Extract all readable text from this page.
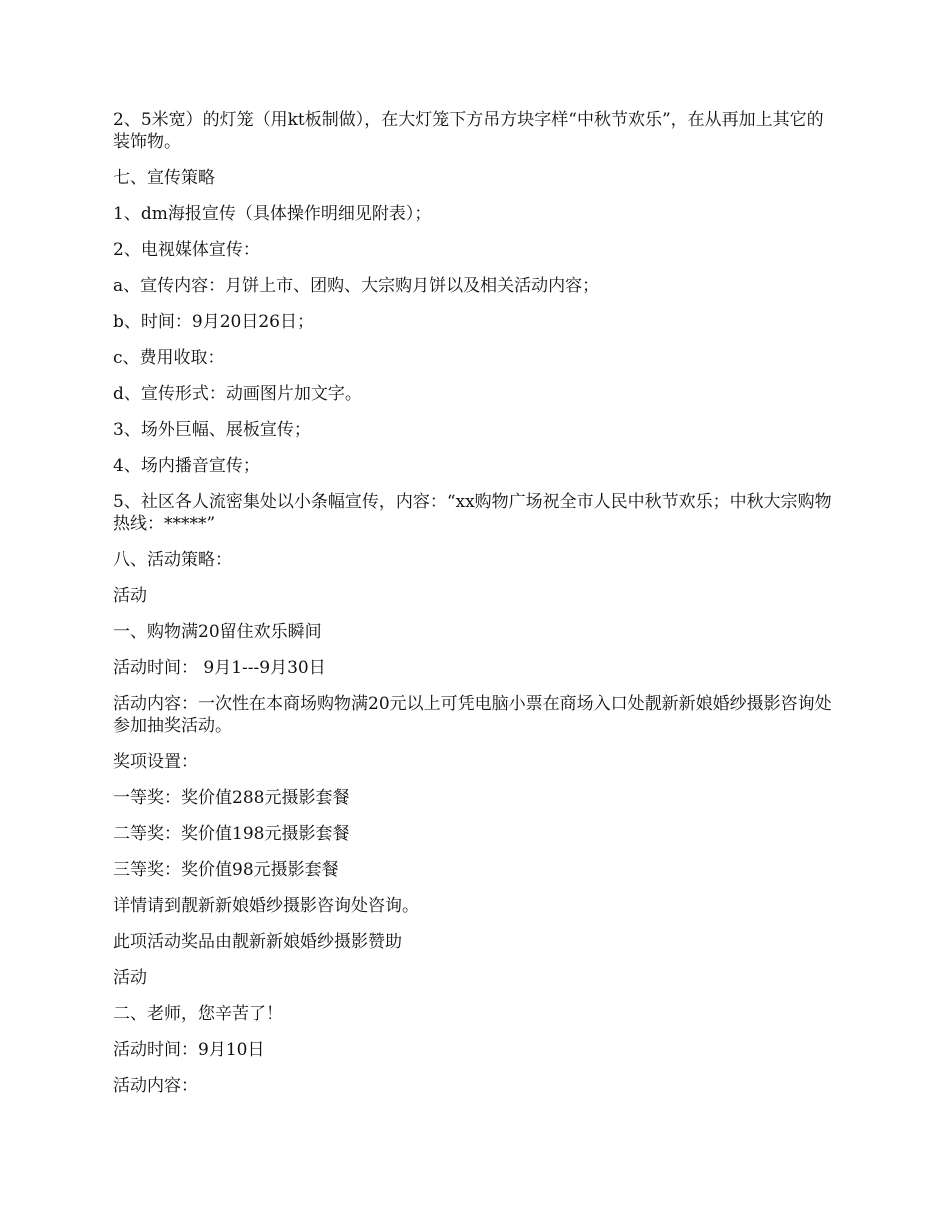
2、5米宽）的灯笼（用kt板制做），在大灯笼下方吊方块字样“中秋节欢乐”，在从再加上其它的装饰物。

七、宣传策略

1、dm海报宣传（具体操作明细见附表）；

2、电视媒体宣传：

a、宣传内容：月饼上市、团购、大宗购月饼以及相关活动内容；

b、时间：9月20日26日；

c、费用收取：

d、宣传形式：动画图片加文字。

3、场外巨幅、展板宣传；

4、场内播音宣传；

5、社区各人流密集处以小条幅宣传，内容：“xx购物广场祝全市人民中秋节欢乐；中秋大宗购物热线：*****”

八、活动策略：

活动

一、购物满20留住欢乐瞬间

活动时间： 9月1---9月30日

活动内容：一次性在本商场购物满20元以上可凭电脑小票在商场入口处靓新新娘婚纱摄影咨询处参加抽奖活动。

奖项设置：

一等奖：奖价值288元摄影套餐

二等奖：奖价值198元摄影套餐

三等奖：奖价值98元摄影套餐

详情请到靓新新娘婚纱摄影咨询处咨询。

此项活动奖品由靓新新娘婚纱摄影赞助

活动

二、老师，您辛苦了！

活动时间：9月10日

活动内容：
